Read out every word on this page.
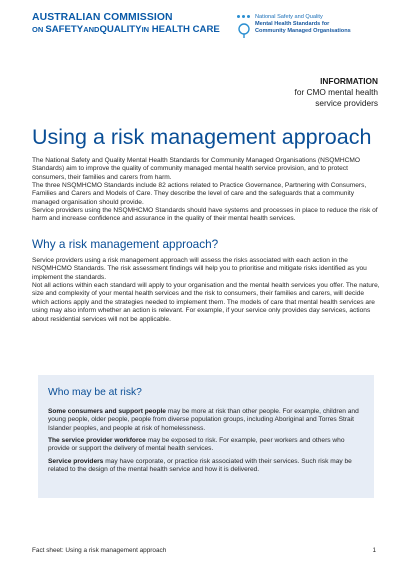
AUSTRALIAN COMMISSION
ON SAFETYANDQUALITYIN HEALTH CARE
National Safety and Quality
Mental Health Standards for
Community Managed Organisations
INFORMATION
for CMO mental health
service providers
Using a risk management approach

The National Safety and Quality Mental Health Standards for Community Managed Organisations (NSQMHCMO Standards) aim to improve the quality of community managed mental health service provision, and to protect consumers, their families and carers from harm.

The three NSQMHCMO Standards include 82 actions related to Practice Governance, Partnering with Consumers, Families and Carers and Models of Care. They describe the level of care and the safeguards that a community managed organisation should provide.

Service providers using the NSQMHCMO Standards should have systems and processes in place to reduce the risk of harm and increase confidence and assurance in the quality of their mental health services.

Why a risk management approach?

Service providers using a risk management approach will assess the risks associated with each action in the NSQMHCMO Standards. The risk assessment findings will help you to prioritise and mitigate risks identified as you implement the standards.

Not all actions within each standard will apply to your organisation and the mental health services you offer. The nature, size and complexity of your mental health services and the risk to consumers, their families and carers, will decide which actions apply and the strategies needed to implement them. The models of care that mental health services are using may also inform whether an action is relevant. For example, if your service only provides day services, actions about residential services will not be applicable.

Who may be at risk?

Some consumers and support people may be more at risk than other people. For example, children and young people, older people, people from diverse population groups, including Aboriginal and Torres Strait Islander peoples, and people at risk of homelessness.

The service provider workforce may be exposed to risk. For example, peer workers and others who provide or support the delivery of mental health services.

Service providers may have corporate, or practice risk associated with their services. Such risk may be related to the design of the mental health service and how it is delivered.

Fact sheet: Using a risk management approach	1
